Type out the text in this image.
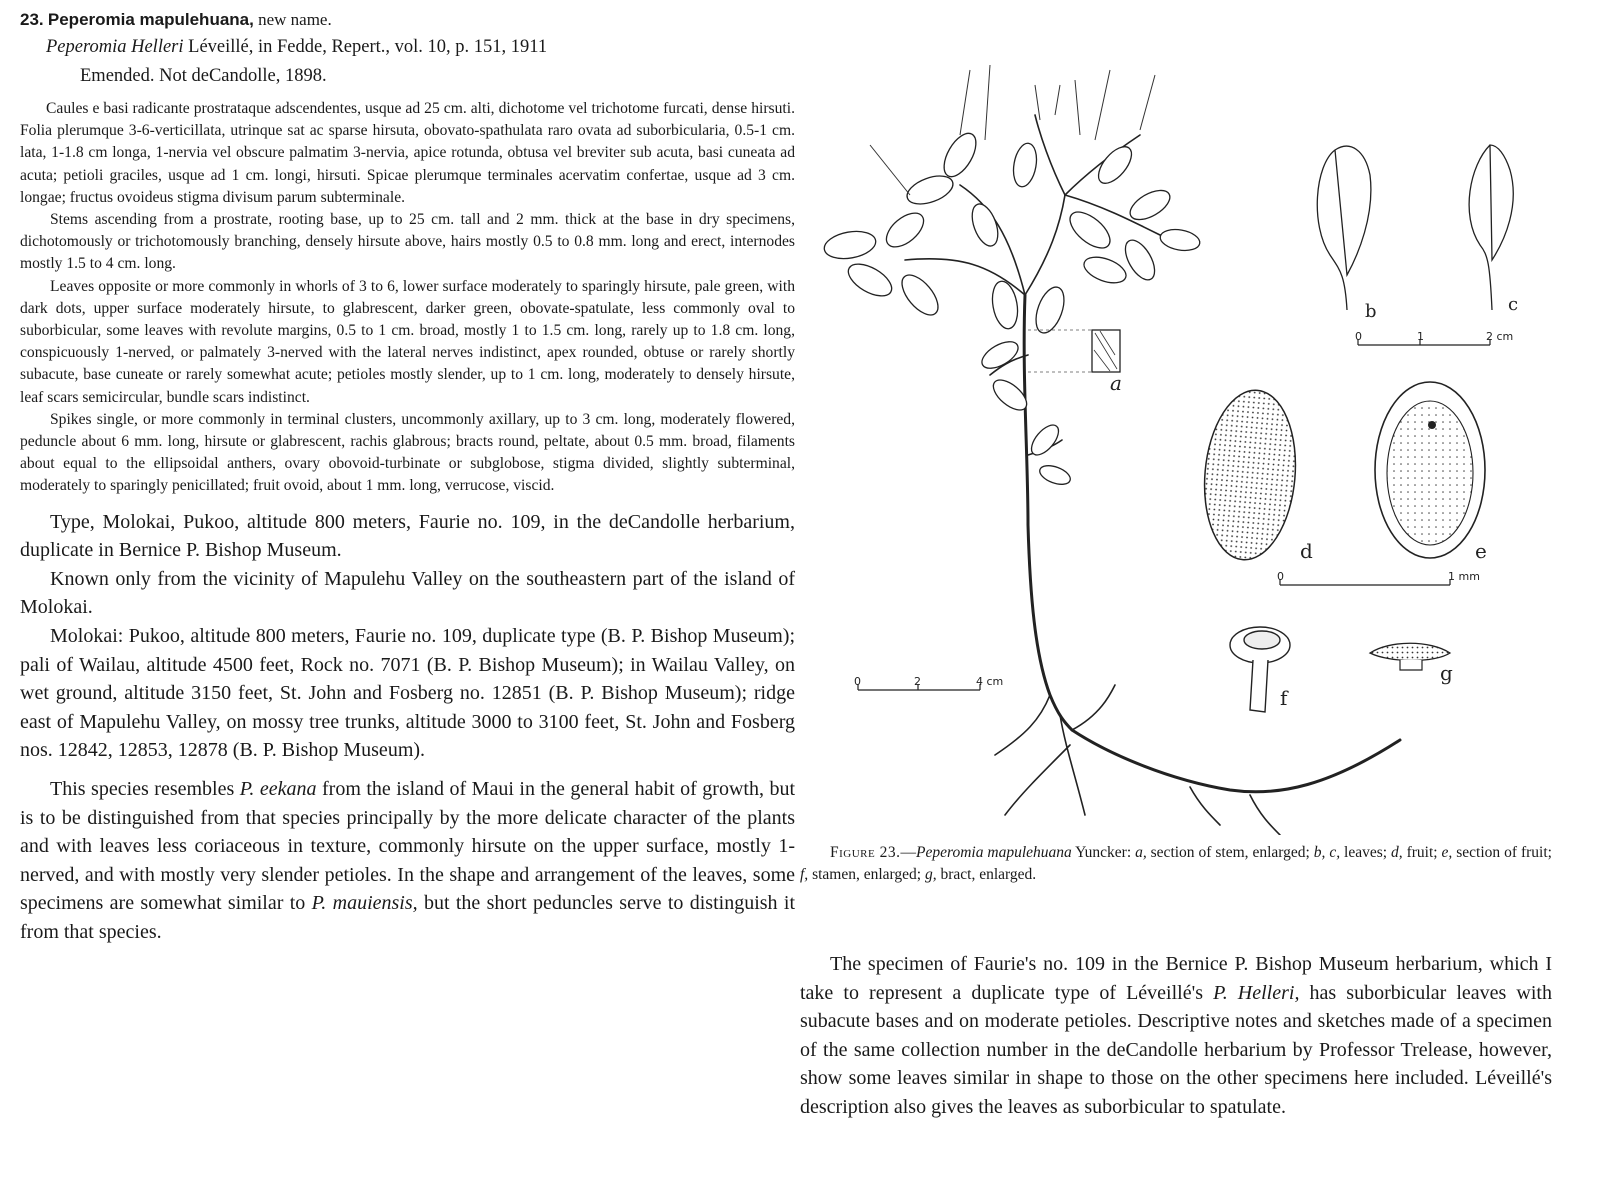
23. Peperomia mapulehuana, new name.
Peperomia Helleri Léveillé, in Fedde, Repert., vol. 10, p. 151, 1911
Emended. Not deCandolle, 1898.

Caules e basi radicante prostrataque adscendentes, usque ad 25 cm. alti, dichotome vel trichotome furcati, dense hirsuti. Folia plerumque 3-6-verticillata, utrinque sat ac sparse hirsuta, obovato-spathulata raro ovata ad suborbicularia, 0.5-1 cm. lata, 1-1.8 cm longa, 1-nervia vel obscure palmatim 3-nervia, apice rotunda, obtusa vel breviter sub acuta, basi cuneata ad acuta; petioli graciles, usque ad 1 cm. longi, hirsuti. Spicae plerumque terminales acervatim confertae, usque ad 3 cm. longae; fructus ovoideus stigma divisum parum subterminale.

Stems ascending from a prostrate, rooting base, up to 25 cm. tall and 2 mm. thick at the base in dry specimens, dichotomously or trichotomously branching, densely hirsute above, hairs mostly 0.5 to 0.8 mm. long and erect, internodes mostly 1.5 to 4 cm. long.

Leaves opposite or more commonly in whorls of 3 to 6, lower surface moderately to sparingly hirsute, pale green, with dark dots, upper surface moderately hirsute, to glabrescent, darker green, obovate-spatulate, less commonly oval to suborbicular, some leaves with revolute margins, 0.5 to 1 cm. broad, mostly 1 to 1.5 cm. long, rarely up to 1.8 cm. long, conspicuously 1-nerved, or palmately 3-nerved with the lateral nerves indistinct, apex rounded, obtuse or rarely shortly subacute, base cuneate or rarely somewhat acute; petioles mostly slender, up to 1 cm. long, moderately to densely hirsute, leaf scars semicircular, bundle scars indistinct.

Spikes single, or more commonly in terminal clusters, uncommonly axillary, up to 3 cm. long, moderately flowered, peduncle about 6 mm. long, hirsute or glabrescent, rachis glabrous; bracts round, peltate, about 0.5 mm. broad, filaments about equal to the ellipsoidal anthers, ovary obovoid-turbinate or subglobose, stigma divided, slightly subterminal, moderately to sparingly penicillated; fruit ovoid, about 1 mm. long, verrucose, viscid.

Type, Molokai, Pukoo, altitude 800 meters, Faurie no. 109, in the deCandolle herbarium, duplicate in Bernice P. Bishop Museum.

Known only from the vicinity of Mapulehu Valley on the southeastern part of the island of Molokai.

Molokai: Pukoo, altitude 800 meters, Faurie no. 109, duplicate type (B. P. Bishop Museum); pali of Wailau, altitude 4500 feet, Rock no. 7071 (B. P. Bishop Museum); in Wailau Valley, on wet ground, altitude 3150 feet, St. John and Fosberg no. 12851 (B. P. Bishop Museum); ridge east of Mapulehu Valley, on mossy tree trunks, altitude 3000 to 3100 feet, St. John and Fosberg nos. 12842, 12853, 12878 (B. P. Bishop Museum).

This species resembles P. eekana from the island of Maui in the general habit of growth, but is to be distinguished from that species principally by the more delicate character of the plants and with leaves less coriaceous in texture, commonly hirsute on the upper surface, mostly 1-nerved, and with mostly very slender petioles. In the shape and arrangement of the leaves, some specimens are somewhat similar to P. mauiensis, but the short peduncles serve to distinguish it from that species.

a
b	c
0	1	2 cm
d	e
0	1 mm
f
g
0	2	4 cm

Figure 23.—Peperomia mapulehuana Yuncker: a, section of stem, enlarged; b, c, leaves; d, fruit; e, section of fruit; f, stamen, enlarged; g, bract, enlarged.

The specimen of Faurie's no. 109 in the Bernice P. Bishop Museum herbarium, which I take to represent a duplicate type of Léveillé's P. Helleri, has suborbicular leaves with subacute bases and on moderate petioles. Descriptive notes and sketches made of a specimen of the same collection number in the deCandolle herbarium by Professor Trelease, however, show some leaves similar in shape to those on the other specimens here included. Léveillé's description also gives the leaves as suborbicular to spatulate.
